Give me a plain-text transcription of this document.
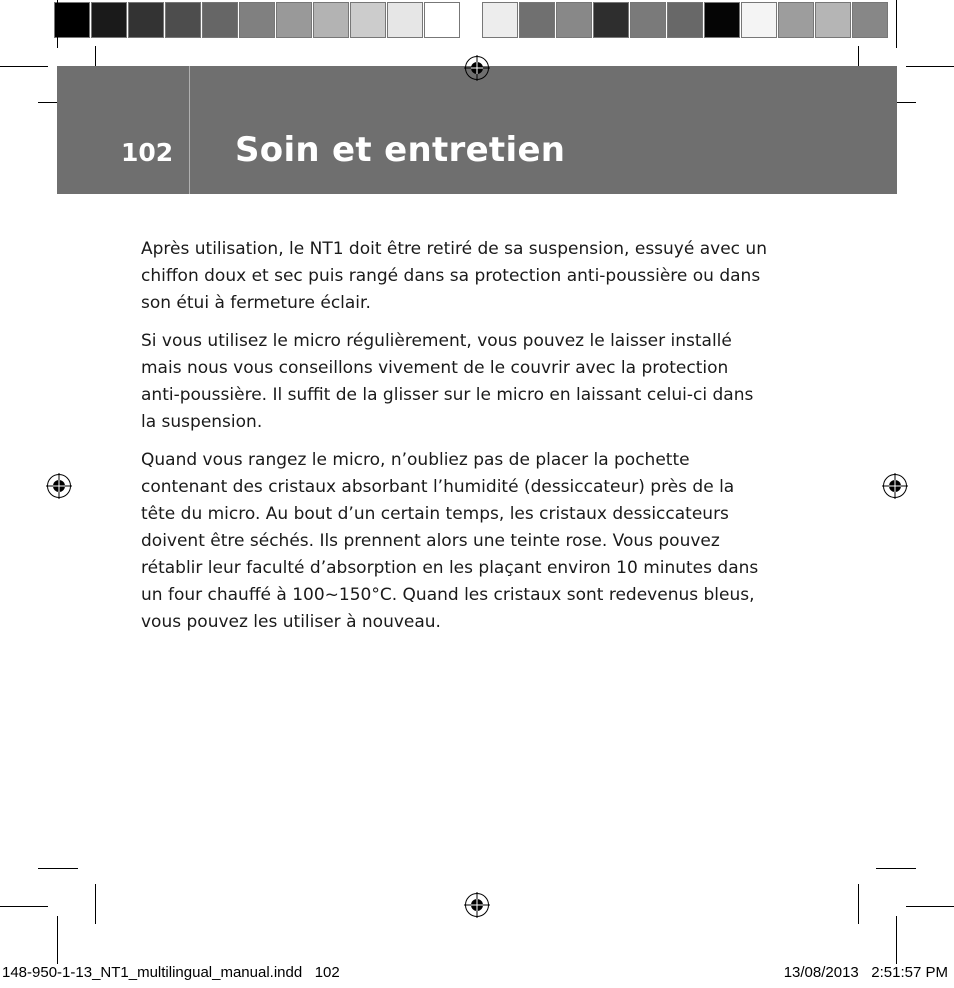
102 Soin et entretien

Après utilisation, le NT1 doit être retiré de sa suspension, essuyé avec un chiffon doux et sec puis rangé dans sa protection anti-poussière ou dans son étui à fermeture éclair.

Si vous utilisez le micro régulièrement, vous pouvez le laisser installé mais nous vous conseillons vivement de le couvrir avec la protection anti-poussière. Il suffit de la glisser sur le micro en laissant celui-ci dans la suspension.

Quand vous rangez le micro, n’oubliez pas de placer la pochette contenant des cristaux absorbant l’humidité (dessiccateur) près de la tête du micro. Au bout d’un certain temps, les cristaux dessiccateurs doivent être séchés. Ils prennent alors une teinte rose. Vous pouvez rétablir leur faculté d’absorption en les plaçant environ 10 minutes dans un four chauffé à 100~150°C. Quand les cristaux sont redevenus bleus, vous pouvez les utiliser à nouveau.

148-950-1-13_NT1_multilingual_manual.indd   102	13/08/2013   2:51:57 PM
